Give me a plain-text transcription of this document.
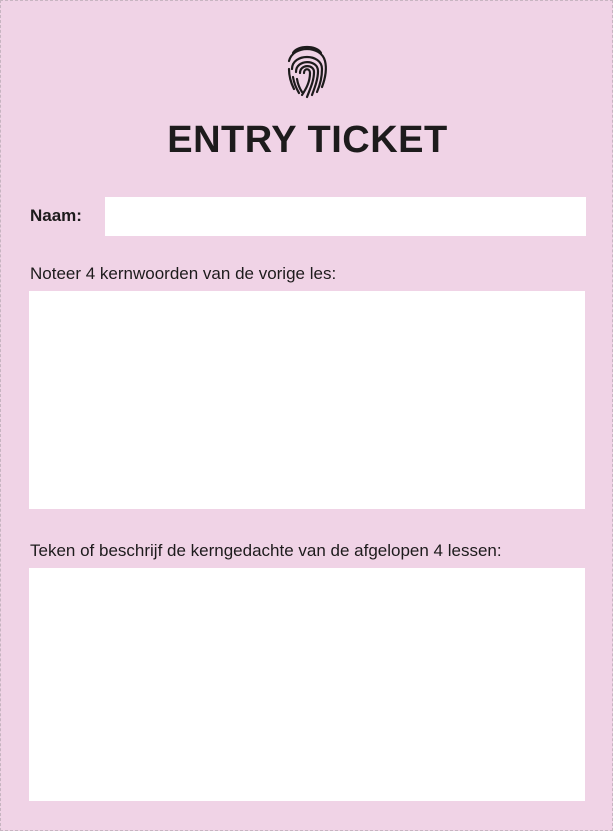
ENTRY TICKET
Naam:
Noteer 4 kernwoorden van de vorige les:
Teken of beschrijf de kerngedachte van de afgelopen 4 lessen:
